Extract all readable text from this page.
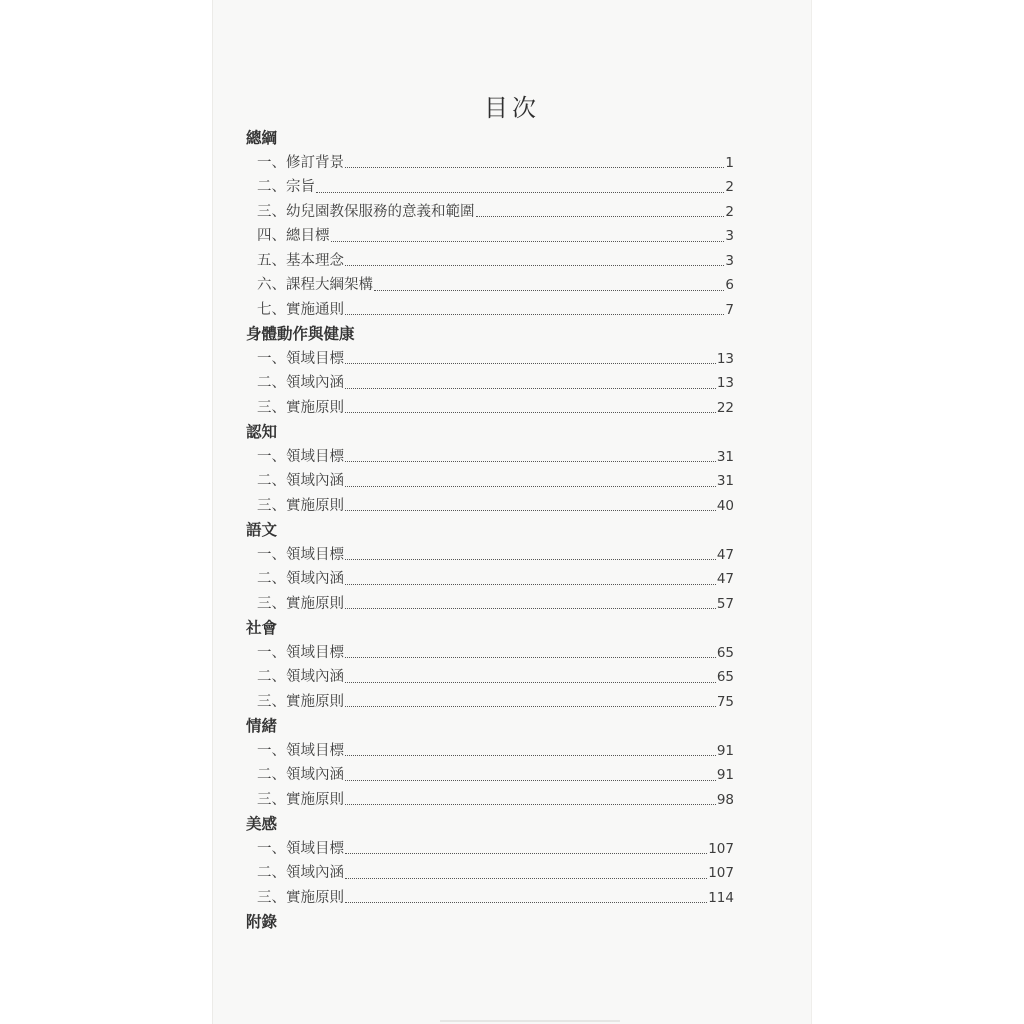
目次
總綱
一、修訂背景	1
二、宗旨	2
三、幼兒園教保服務的意義和範圍	2
四、總目標	3
五、基本理念	3
六、課程大綱架構	6
七、實施通則	7
身體動作與健康
一、領域目標	13
二、領域內涵	13
三、實施原則	22
認知
一、領域目標	31
二、領域內涵	31
三、實施原則	40
語文
一、領域目標	47
二、領域內涵	47
三、實施原則	57
社會
一、領域目標	65
二、領域內涵	65
三、實施原則	75
情緒
一、領域目標	91
二、領域內涵	91
三、實施原則	98
美感
一、領域目標	107
二、領域內涵	107
三、實施原則	114
附錄
